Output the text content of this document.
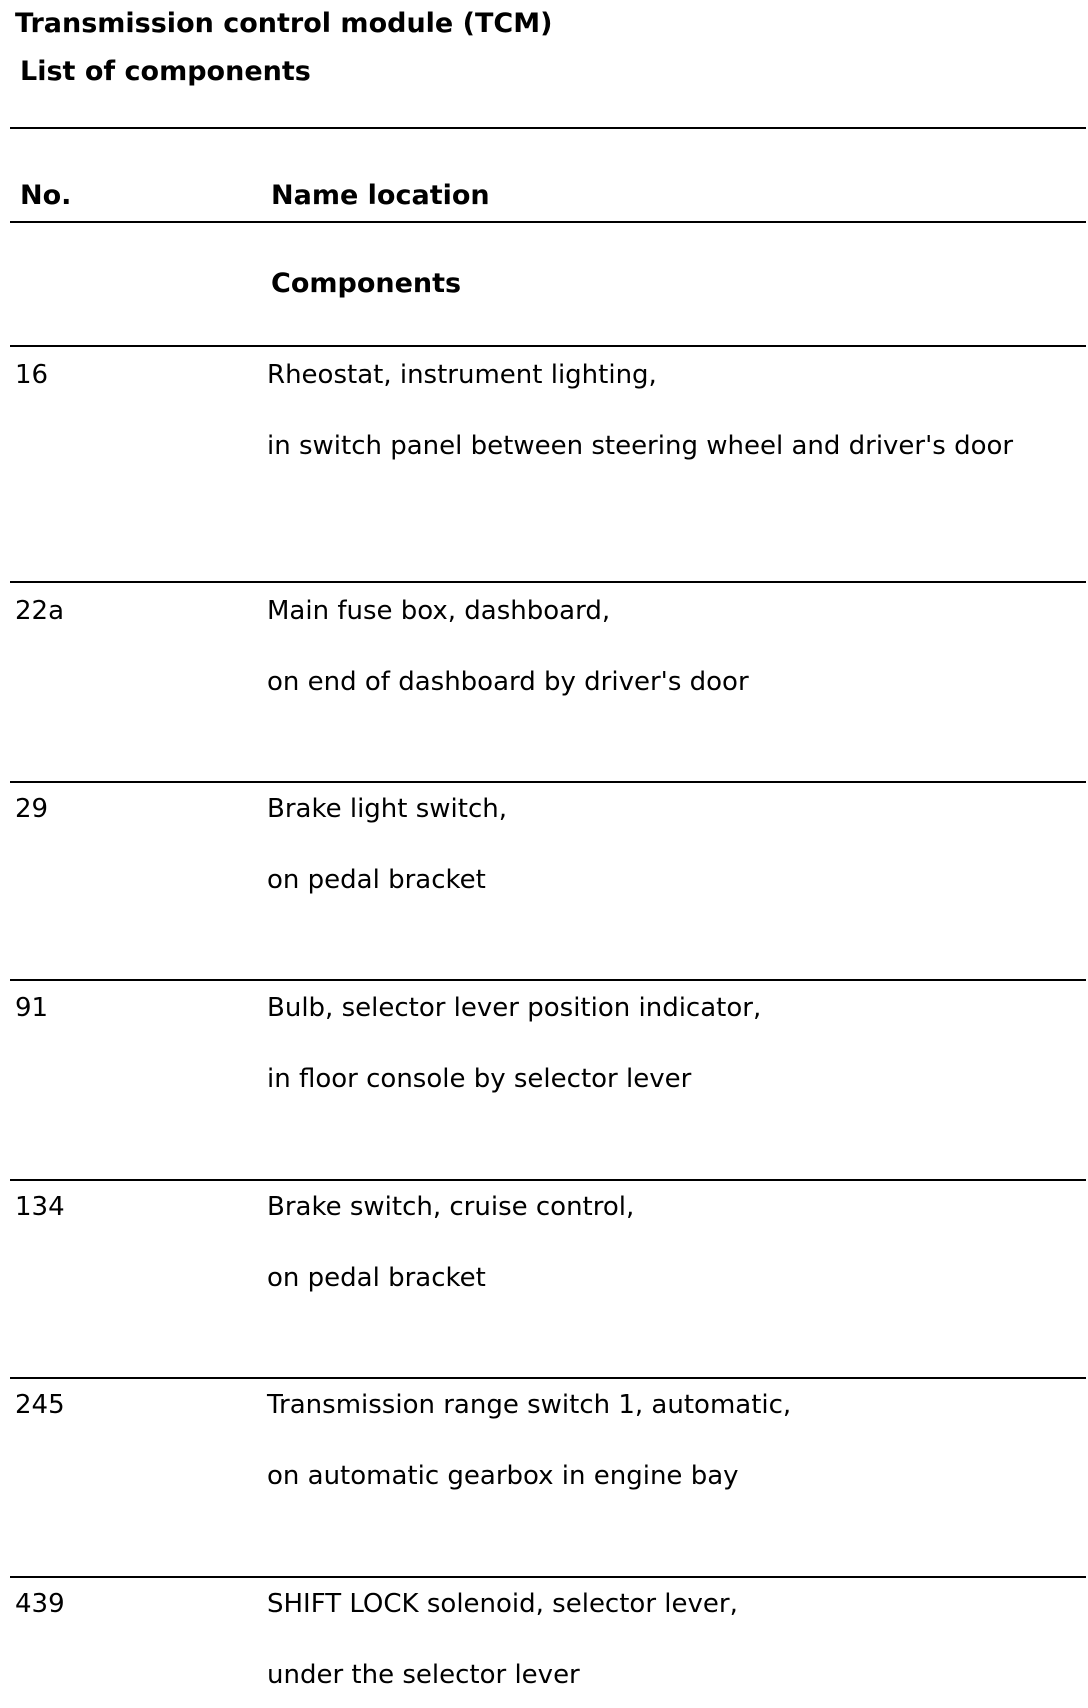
Transmission control module (TCM)
List of components
No.	Name location
Components
16	Rheostat, instrument lighting,
in switch panel between steering wheel and driver's door
22a	Main fuse box, dashboard,
on end of dashboard by driver's door
29	Brake light switch,
on pedal bracket
91	Bulb, selector lever position indicator,
in floor console by selector lever
134	Brake switch, cruise control,
on pedal bracket
245	Transmission range switch 1, automatic,
on automatic gearbox in engine bay
439	SHIFT LOCK solenoid, selector lever,
under the selector lever
